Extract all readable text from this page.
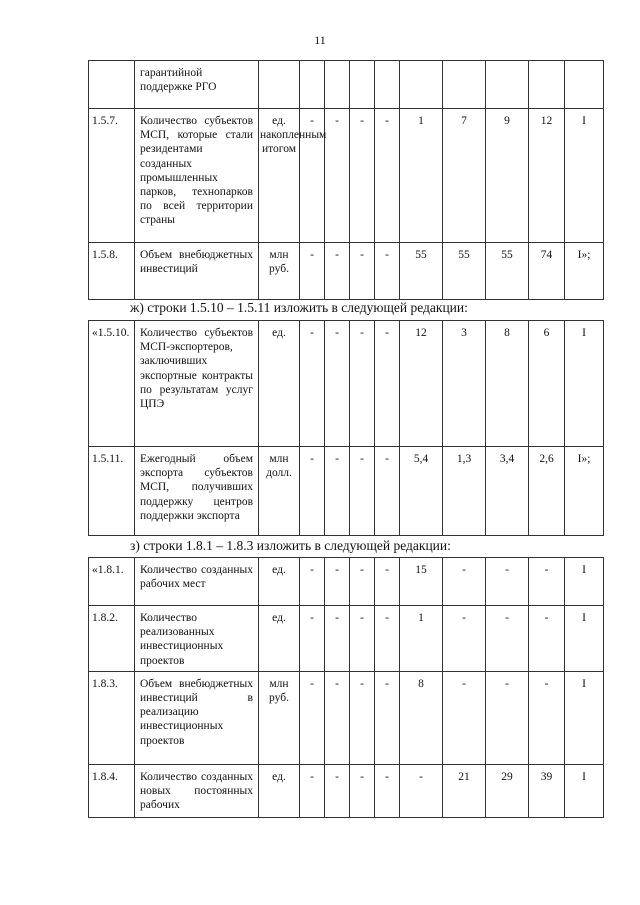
11
	гарантийной поддержке РГО										
1.5.7.	Количество субъектов МСП, которые стали резидентами созданных промышленных парков, технопарков по всей территории страны	ед. накопленным итогом	-	-	-	-	1	7	9	12	I
1.5.8.	Объем внебюджетных инвестиций	млн руб.	-	-	-	-	55	55	55	74	I»;
ж) строки 1.5.10 – 1.5.11 изложить в следующей редакции:
«1.5.10.	Количество субъектов МСП-экспортеров, заключивших экспортные контракты по результатам услуг ЦПЭ	ед.	-	-	-	-	12	3	8	6	I
1.5.11.	Ежегодный объем экспорта субъектов МСП, получивших поддержку центров поддержки экспорта	млн долл.	-	-	-	-	5,4	1,3	3,4	2,6	I»;
з) строки 1.8.1 – 1.8.3 изложить в следующей редакции:
«1.8.1.	Количество созданных рабочих мест	ед.	-	-	-	-	15	-	-	-	I
1.8.2.	Количество реализованных инвестиционных проектов	ед.	-	-	-	-	1	-	-	-	I
1.8.3.	Объем внебюджетных инвестиций в реализацию инвестиционных проектов	млн руб.	-	-	-	-	8	-	-	-	I
1.8.4.	Количество созданных новых постоянных рабочих	ед.	-	-	-	-	-	21	29	39	I
